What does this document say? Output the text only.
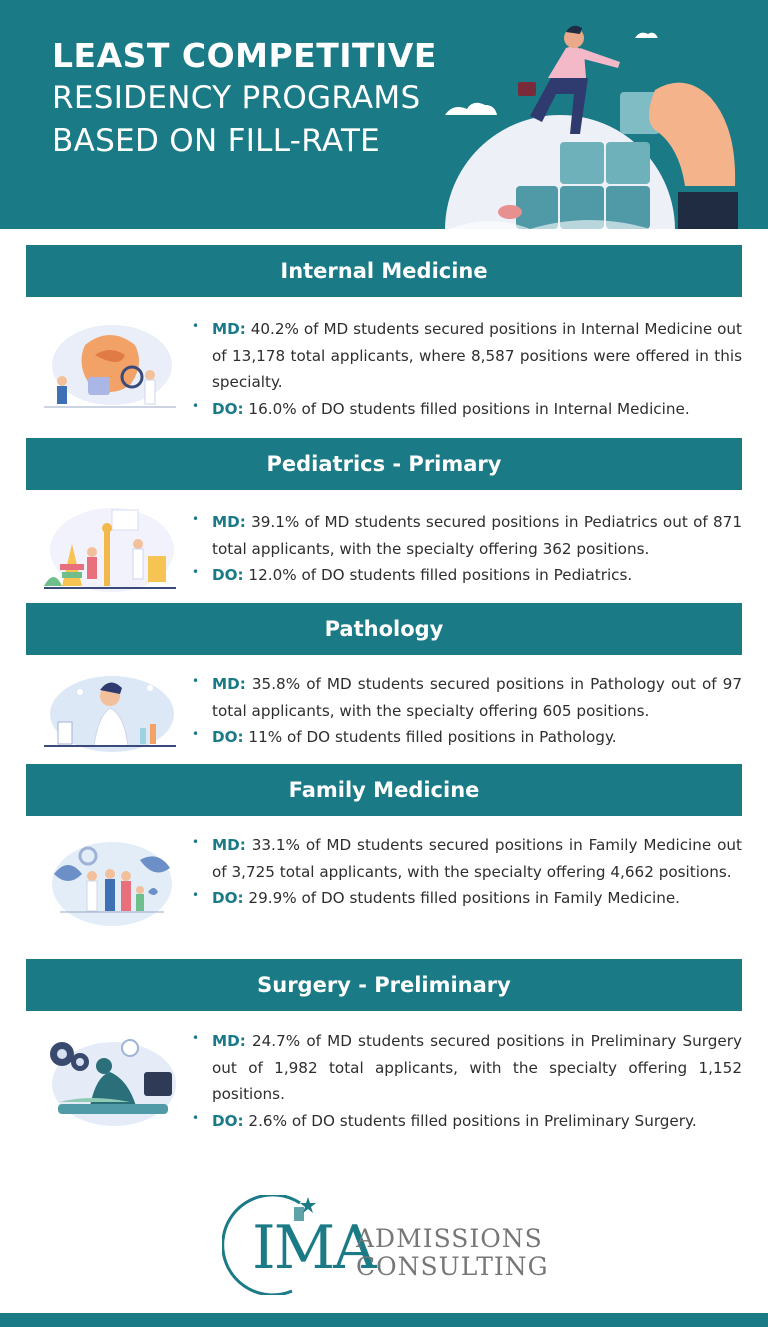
LEAST COMPETITIVE
RESIDENCY PROGRAMS
BASED ON FILL-RATE
Internal Medicine
• MD: 40.2% of MD students secured positions in Internal Medicine out of 13,178 total applicants, where 8,587 positions were offered in this specialty.
• DO: 16.0% of DO students filled positions in Internal Medicine.
Pediatrics - Primary
• MD: 39.1% of MD students secured positions in Pediatrics out of 871 total applicants, with the specialty offering 362 positions.
• DO: 12.0% of DO students filled positions in Pediatrics.
Pathology
• MD: 35.8% of MD students secured positions in Pathology out of 97 total applicants, with the specialty offering 605 positions.
• DO: 11% of DO students filled positions in Pathology.
Family Medicine
• MD: 33.1% of MD students secured positions in Family Medicine out of 3,725 total applicants, with the specialty offering 4,662 positions.
• DO: 29.9% of DO students filled positions in Family Medicine.
Surgery - Preliminary
• MD: 24.7% of MD students secured positions in Preliminary Surgery out of 1,982 total applicants, with the specialty offering 1,152 positions.
• DO: 2.6% of DO students filled positions in Preliminary Surgery.
IMA
ADMISSIONS
CONSULTING
